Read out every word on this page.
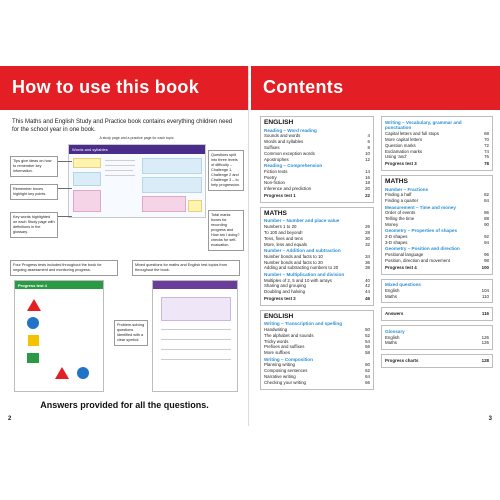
How to use this book

This Maths and English Study and Practice book contains everything children need for the school year in one book.

A study page and a practice page for each topic.
Words and syllables
Tips give ideas on how to remember key information.
Remember boxes highlight key points.
Key words highlighted on each Study page with definitions in the glossary.
Questions split into three levels of difficulty – Challenge 1, Challenge 2 and Challenge 3 – to help progression.
Total marks boxes for recording progress and How am I doing? checks for self-evaluation.
Four Progress tests included throughout the book for ongoing assessment and monitoring progress.
Mixed questions for maths and English test topics from throughout the book.
Progress test 4
Problem-solving questions identified with a clear symbol.
Answers provided for all the questions.
2
Contents
ENGLISH
Reading – Word reading
Sounds and words	4
Words and syllables	6
Suffixes	8
Common exception words	10
Apostrophes	12
Reading – Comprehension
Fiction texts	14
Poetry	16
Non-fiction	18
Inference and prediction	20
Progress test 1	22
MATHS
Number – Number and place value
Numbers 1 to 20	26
To 100 and beyond!	28
Tens, fives and tens	30
More, less and equals	32
Number – Addition and subtraction
Number bonds and facts to 10	34
Number bonds and facts to 20	36
Adding and subtracting numbers to 20	38
Number – Multiplication and division
Multiples of 2, 5 and 10 with arrays	40
Sharing and grouping	42
Doubling and halving	44
Progress test 2	46
ENGLISH
Writing – Transcription and spelling
Handwriting	50
The alphabet and sounds	52
Tricky words	54
Prefixes and suffixes	56
More suffixes	58
Writing – Composition
Planning writing	60
Composing sentences	62
Narrative writing	64
Checking your writing	66
Writing – Vocabulary, grammar and punctuation
Capital letters and full stops	68
More capital letters	70
Question marks	72
Exclamation marks	74
Using ‘and’	76
Progress test 3	78
MATHS
Number – Fractions
Finding a half	82
Finding a quarter	84
Measurement – Time and money
Order of events	86
Telling the time	88
Money	90
Geometry – Properties of shapes
2-D shapes	92
3-D shapes	94
Geometry – Position and direction
Positional language	96
Position, direction and movement	98
Progress test 4	100
Mixed questions
English	104
Maths	110
Answers	116
Glossary
English	126
Maths	126
Progress charts	128
3
